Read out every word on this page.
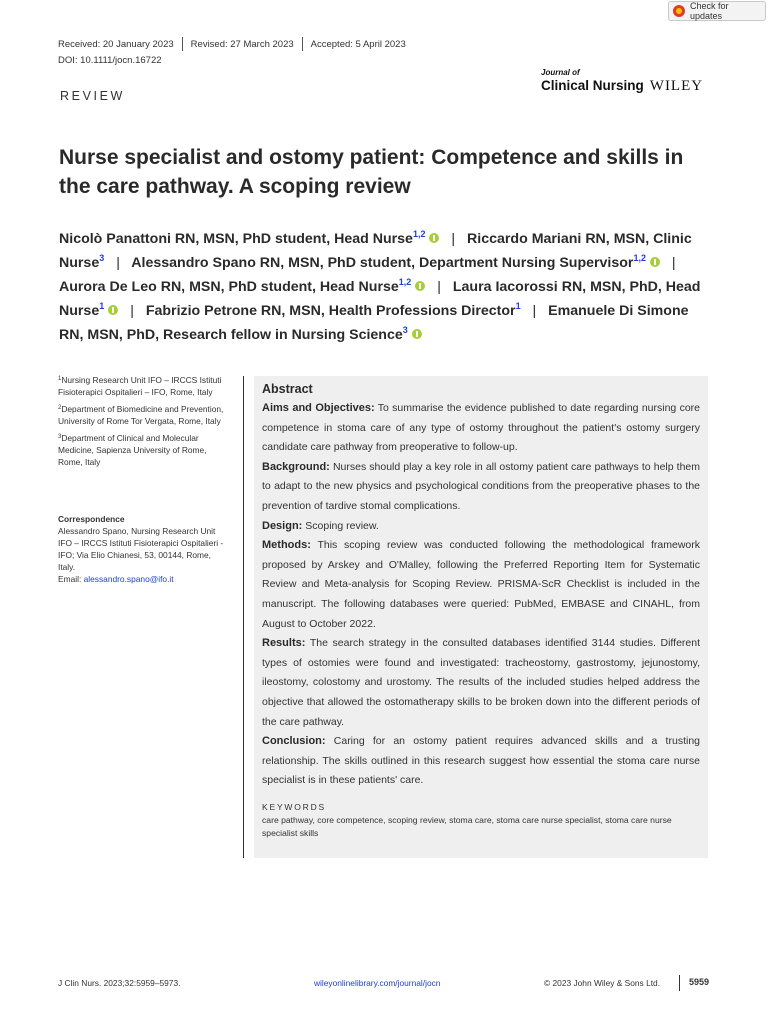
Check for updates
Received: 20 January 2023 Revised: 27 March 2023 Accepted: 5 April 2023
DOI: 10.1111/jocn.16722
REVIEW
Journal of
Clinical Nursing WILEY
Nurse specialist and ostomy patient: Competence and skills in the care pathway. A scoping review
Nicolò Panattoni RN, MSN, PhD student, Head Nurse$^{1,2}$ | Riccardo Mariani RN, MSN, Clinic Nurse$^3$ | Alessandro Spano RN, MSN, PhD student, Department Nursing Supervisor$^{1,2}$ | Aurora De Leo RN, MSN, PhD student, Head Nurse$^{1,2}$ | Laura Iacorossi RN, MSN, PhD, Head Nurse$^1$ | Fabrizio Petrone RN, MSN, Health Professions Director$^1$ | Emanuele Di Simone RN, MSN, PhD, Research fellow in Nursing Science$^3$

$^1$Nursing Research Unit IFO – IRCCS Istituti Fisioterapici Ospitalieri – IFO, Rome, Italy

$^2$Department of Biomedicine and Prevention, University of Rome Tor Vergata, Rome, Italy

$^3$Department of Clinical and Molecular Medicine, Sapienza University of Rome, Rome, Italy

Correspondence
Alessandro Spano, Nursing Research Unit IFO – IRCCS Istituti Fisioterapici Ospitalieri - IFO; Via Elio Chianesi, 53, 00144, Rome, Italy.
Email: alessandro.spano@ifo.it
Abstract

Aims and Objectives: To summarise the evidence published to date regarding nursing core competence in stoma care of any type of ostomy throughout the patient's ostomy surgery candidate care pathway from preoperative to follow-up.

Background: Nurses should play a key role in all ostomy patient care pathways to help them to adapt to the new physics and psychological conditions from the preoperative phases to the prevention of tardive stomal complications.

Design: Scoping review.

Methods: This scoping review was conducted following the methodological framework proposed by Arskey and O'Malley, following the Preferred Reporting Item for Systematic Review and Meta-analysis for Scoping Review. PRISMA-ScR Checklist is included in the manuscript. The following databases were queried: PubMed, EMBASE and CINAHL, from August to October 2022.

Results: The search strategy in the consulted databases identified 3144 studies. Different types of ostomies were found and investigated: tracheostomy, gastrostomy, jejunostomy, ileostomy, colostomy and urostomy. The results of the included studies helped address the objective that allowed the ostomatherapy skills to be broken down into the different periods of the care pathway.

Conclusion: Caring for an ostomy patient requires advanced skills and a trusting relationship. The skills outlined in this research suggest how essential the stoma care nurse specialist is in these patients' care.

KEYWORDS
care pathway, core competence, scoping review, stoma care, stoma care nurse specialist, stoma care nurse specialist skills
J Clin Nurs. 2023;32:5959–5973.	wileyonlinelibrary.com/journal/jocn	© 2023 John Wiley & Sons Ltd.	5959
